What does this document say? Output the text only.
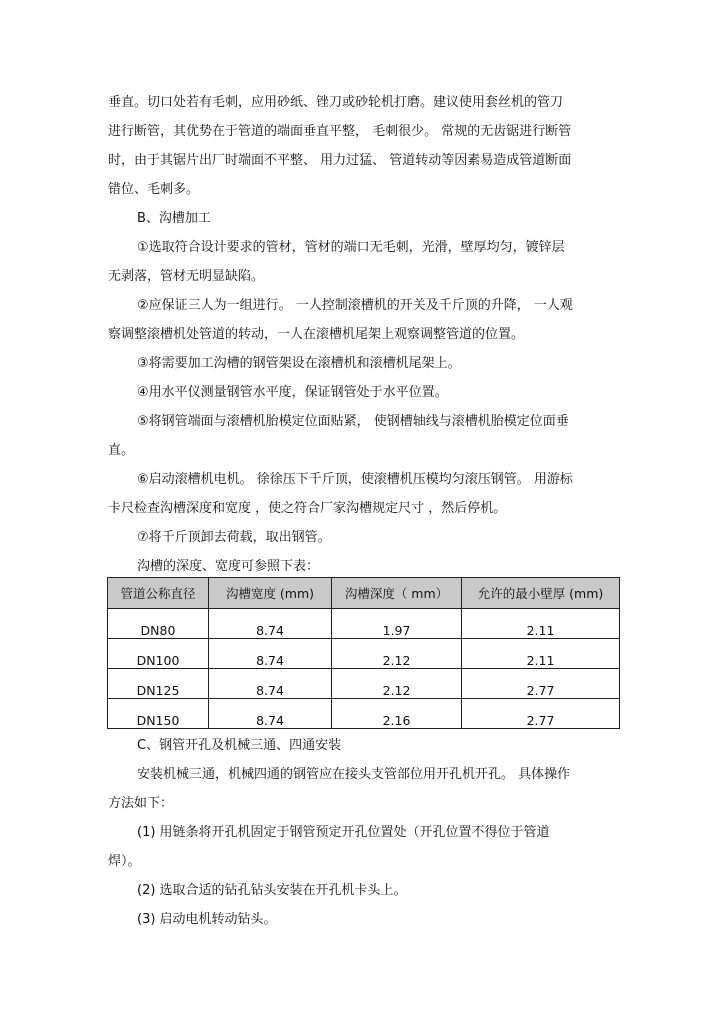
垂直。切口处若有毛刺，应用砂纸、锉刀或砂轮机打磨。建议使用套丝机的管刀
进行断管，其优势在于管道的端面垂直平整， 毛刺很少。 常规的无齿锯进行断管
时，由于其锯片出厂时端面不平整、 用力过猛、 管道转动等因素易造成管道断面
错位、毛刺多。
B、沟槽加工
①选取符合设计要求的管材，管材的端口无毛刺，光滑，壁厚均匀，镀锌层
无剥落，管材无明显缺陷。
②应保证三人为一组进行。 一人控制滚槽机的开关及千斤顶的升降， 一人观
察调整滚槽机处管道的转动，一人在滚槽机尾架上观察调整管道的位置。
③将需要加工沟槽的钢管架设在滚槽机和滚槽机尾架上。
④用水平仪测量钢管水平度，保证钢管处于水平位置。
⑤将钢管端面与滚槽机胎模定位面贴紧， 使钢槽轴线与滚槽机胎模定位面垂
直。
⑥启动滚槽机电机。 徐徐压下千斤顶，使滚槽机压模均匀滚压钢管。 用游标
卡尺检查沟槽深度和宽度 ，使之符合厂家沟槽规定尺寸 ，然后停机。
⑦将千斤顶卸去荷载，取出钢管。
沟槽的深度、宽度可参照下表：
管道公称直径	沟槽宽度 (mm)	沟槽深度（ mm）	允许的最小壁厚 (mm)
DN80	8.74	1.97	2.11
DN100	8.74	2.12	2.11
DN125	8.74	2.12	2.77
DN150	8.74	2.16	2.77
C、钢管开孔及机械三通、四通安装
安装机械三通，机械四通的钢管应在接头支管部位用开孔机开孔。 具体操作
方法如下：
(1) 用链条将开孔机固定于钢管预定开孔位置处（开孔位置不得位于管道
焊）。
(2) 选取合适的钻孔钻头安装在开孔机卡头上。
(3) 启动电机转动钻头。
